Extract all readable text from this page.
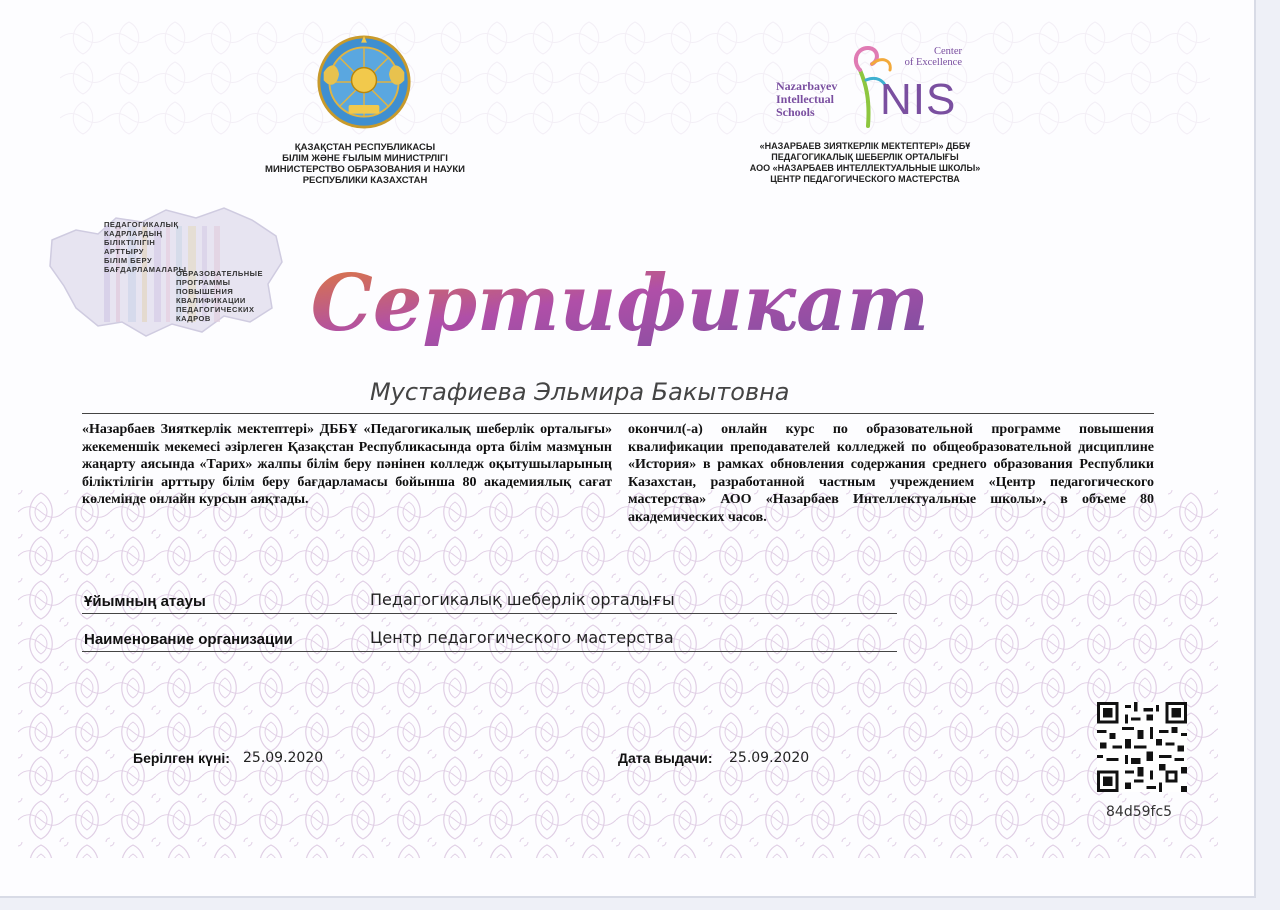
ҚАЗАҚСТАН РЕСПУБЛИКАСЫ
БІЛІМ ЖӘНЕ ҒЫЛЫМ МИНИСТРЛІГІ
МИНИСТЕРСТВО ОБРАЗОВАНИЯ И НАУКИ
РЕСПУБЛИКИ КАЗАХСТАН
Center
of Excellence
Nazarbayev
Intellectual
Schools	NIS
«НАЗАРБАЕВ ЗИЯТКЕРЛІК МЕКТЕПТЕРІ» ДББҰ
ПЕДАГОГИКАЛЫҚ ШЕБЕРЛІК ОРТАЛЫҒЫ
АОО «НАЗАРБАЕВ ИНТЕЛЛЕКТУАЛЬНЫЕ ШКОЛЫ»
ЦЕНТР ПЕДАГОГИЧЕСКОГО МАСТЕРСТВА
ПЕДАГОГИКАЛЫҚ
КАДРЛАРДЫҢ
БІЛІКТІЛІГІН
АРТТЫРУ
БІЛІМ БЕРУ
БАҒДАРЛАМАЛАРЫ
ОБРАЗОВАТЕЛЬНЫЕ
ПРОГРАММЫ
ПОВЫШЕНИЯ
КВАЛИФИКАЦИИ
ПЕДАГОГИЧЕСКИХ
КАДРОВ	Сертификат
Мустафиева Эльмира Бакытовна
«Назарбаев Зияткерлік мектептері» ДББҰ «Педагогикалық шеберлік орталығы» жекеменшік мекемесі әзірлеген Қазақстан Республикасында орта білім мазмұнын жаңарту аясында «Тарих» жалпы білім беру пәнінен колледж оқытушыларының біліктілігін арттыру білім беру бағдарламасы бойынша 80 академиялық сағат көлемінде онлайн курсын аяқтады.
окончил(-а) онлайн курс по образовательной программе повышения квалификации преподавателей колледжей по общеобразовательной дисциплине «История» в рамках обновления содержания среднего образования Республики Казахстан, разработанной частным учреждением «Центр педагогического мастерства» АОО «Назарбаев Интеллектуальные школы», в объеме 80 академических часов.
Ұйымның атауы	Педагогикалық шеберлік орталығы
Наименование организации	Центр педагогического мастерства
Берілген күні: 25.09.2020	Дата выдачи: 25.09.2020
84d59fc5
